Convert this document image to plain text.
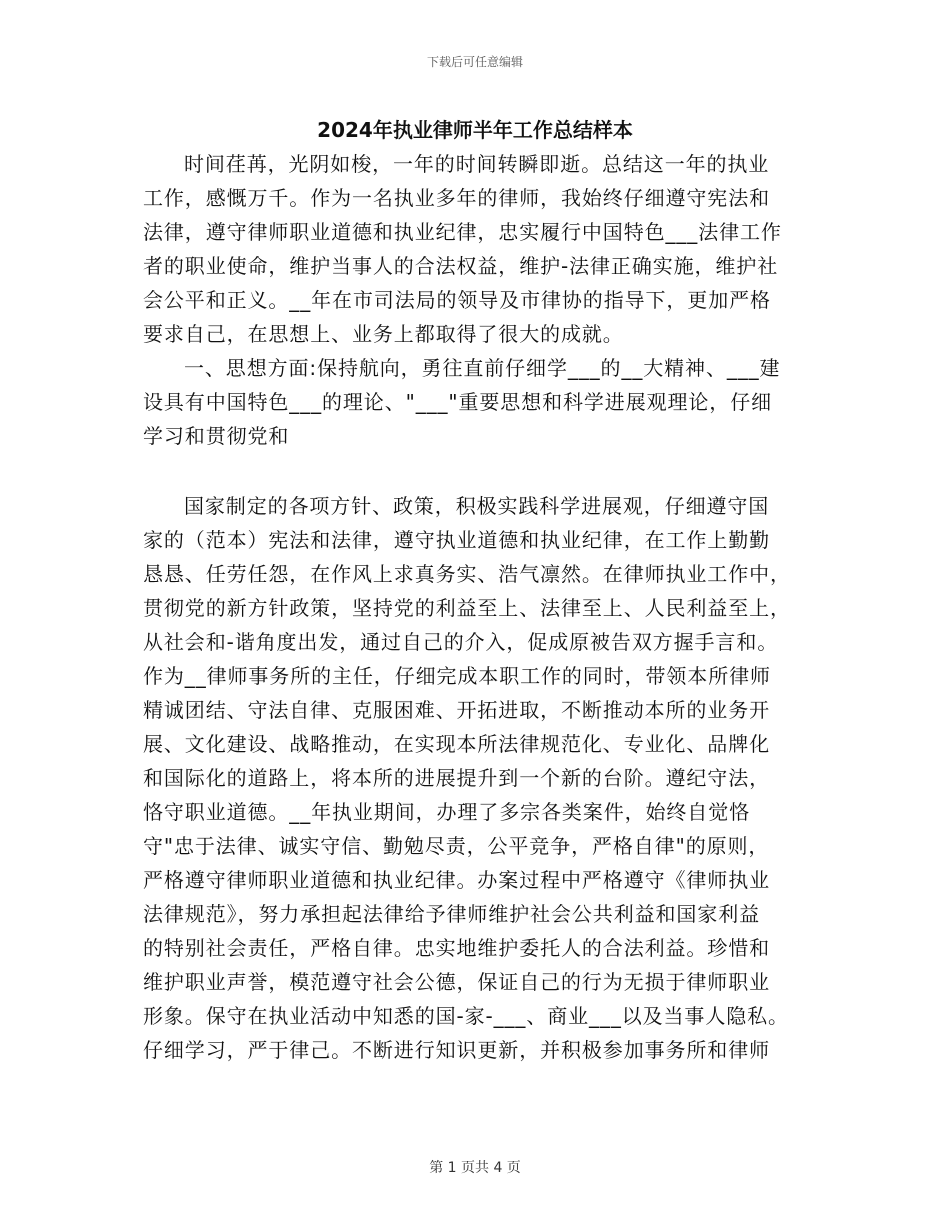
下载后可任意编辑
2024年执业律师半年工作总结样本
时间荏苒，光阴如梭，一年的时间转瞬即逝。总结这一年的执业
工作，感慨万千。作为一名执业多年的律师，我始终仔细遵守宪法和
法律，遵守律师职业道德和执业纪律，忠实履行中国特色___法律工作
者的职业使命，维护当事人的合法权益，维护-法律正确实施，维护社
会公平和正义。__年在市司法局的领导及市律协的指导下，更加严格
要求自己，在思想上、业务上都取得了很大的成就。
一、思想方面:保持航向，勇往直前仔细学___的__大精神、___建
设具有中国特色___的理论、"___"重要思想和科学进展观理论，仔细
学习和贯彻党和
国家制定的各项方针、政策，积极实践科学进展观，仔细遵守国
家的（范本）宪法和法律，遵守执业道德和执业纪律，在工作上勤勤
恳恳、任劳任怨，在作风上求真务实、浩气凛然。在律师执业工作中，
贯彻党的新方针政策，坚持党的利益至上、法律至上、人民利益至上，
从社会和-谐角度出发，通过自己的介入，促成原被告双方握手言和。
作为__律师事务所的主任，仔细完成本职工作的同时，带领本所律师
精诚团结、守法自律、克服困难、开拓进取，不断推动本所的业务开
展、文化建设、战略推动，在实现本所法律规范化、专业化、品牌化
和国际化的道路上，将本所的进展提升到一个新的台阶。遵纪守法，
恪守职业道德。__年执业期间，办理了多宗各类案件，始终自觉恪
守"忠于法律、诚实守信、勤勉尽责，公平竞争，严格自律"的原则，
严格遵守律师职业道德和执业纪律。办案过程中严格遵守《律师执业
法律规范》，努力承担起法律给予律师维护社会公共利益和国家利益
的特别社会责任，严格自律。忠实地维护委托人的合法利益。珍惜和
维护职业声誉，模范遵守社会公德，保证自己的行为无损于律师职业
形象。保守在执业活动中知悉的国-家-___、商业___以及当事人隐私。
仔细学习，严于律己。不断进行知识更新，并积极参加事务所和律师
第 1 页共 4 页
